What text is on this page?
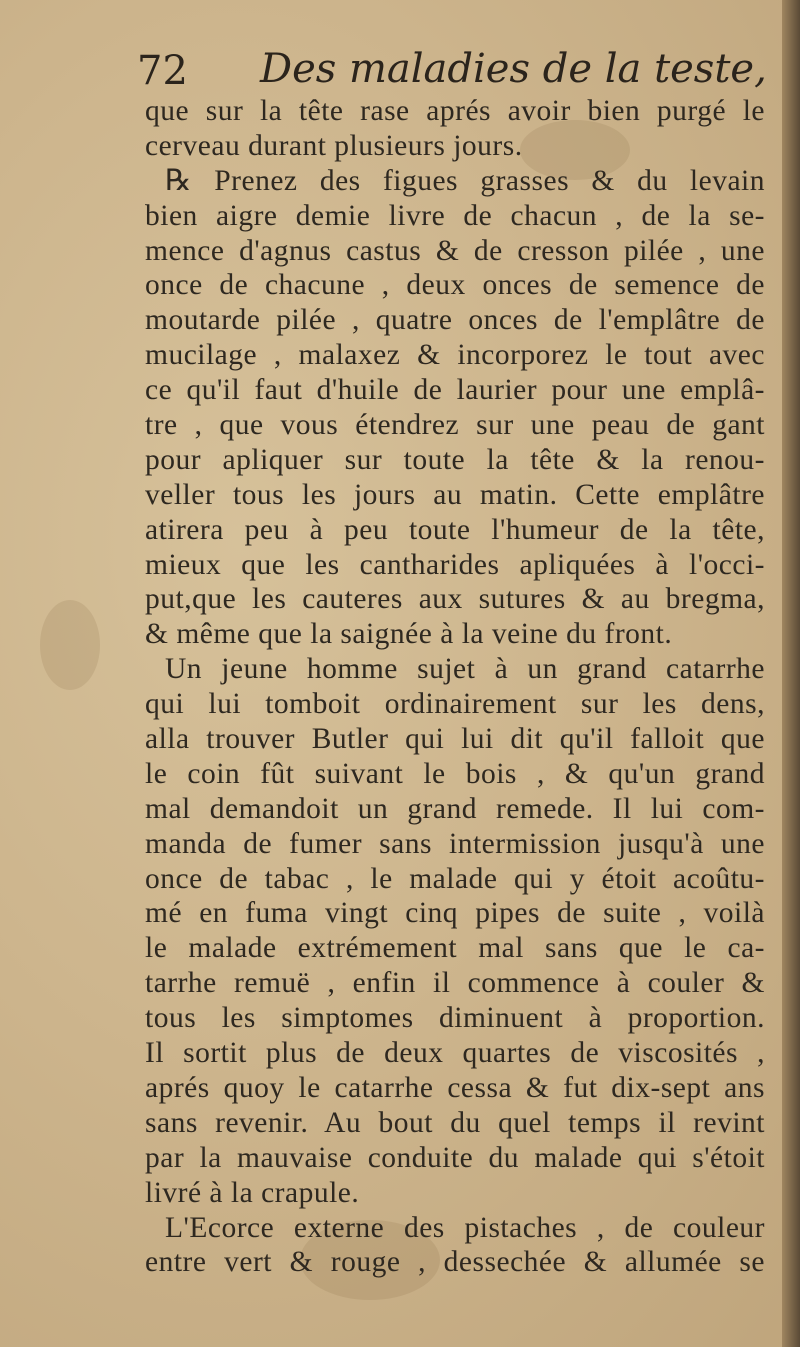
72 Des maladies de la teste,
que sur la tête rase aprés avoir bien purgé le
cerveau durant plusieurs jours.
℞ Prenez des figues grasses & du levain
bien aigre demie livre de chacun , de la se-
mence d'agnus castus & de cresson pilée , une
once de chacune , deux onces de semence de
moutarde pilée , quatre onces de l'emplâtre de
mucilage , malaxez & incorporez le tout avec
ce qu'il faut d'huile de laurier pour une emplâ-
tre , que vous étendrez sur une peau de gant
pour apliquer sur toute la tête & la renou-
veller tous les jours au matin. Cette emplâtre
atirera peu à peu toute l'humeur de la tête,
mieux que les cantharides apliquées à l'occi-
put,que les cauteres aux sutures & au bregma,
& même que la saignée à la veine du front.
Un jeune homme sujet à un grand catarrhe
qui lui tomboit ordinairement sur les dens,
alla trouver Butler qui lui dit qu'il falloit que
le coin fût suivant le bois , & qu'un grand
mal demandoit un grand remede. Il lui com-
manda de fumer sans intermission jusqu'à une
once de tabac , le malade qui y étoit acoûtu-
mé en fuma vingt cinq pipes de suite , voilà
le malade extrémement mal sans que le ca-
tarrhe remuë , enfin il commence à couler &
tous les simptomes diminuent à proportion.
Il sortit plus de deux quartes de viscosités ,
aprés quoy le catarrhe cessa & fut dix-sept ans
sans revenir. Au bout du quel temps il revint
par la mauvaise conduite du malade qui s'étoit
livré à la crapule.
L'Ecorce externe des pistaches , de couleur
entre vert & rouge , dessechée & allumée se
